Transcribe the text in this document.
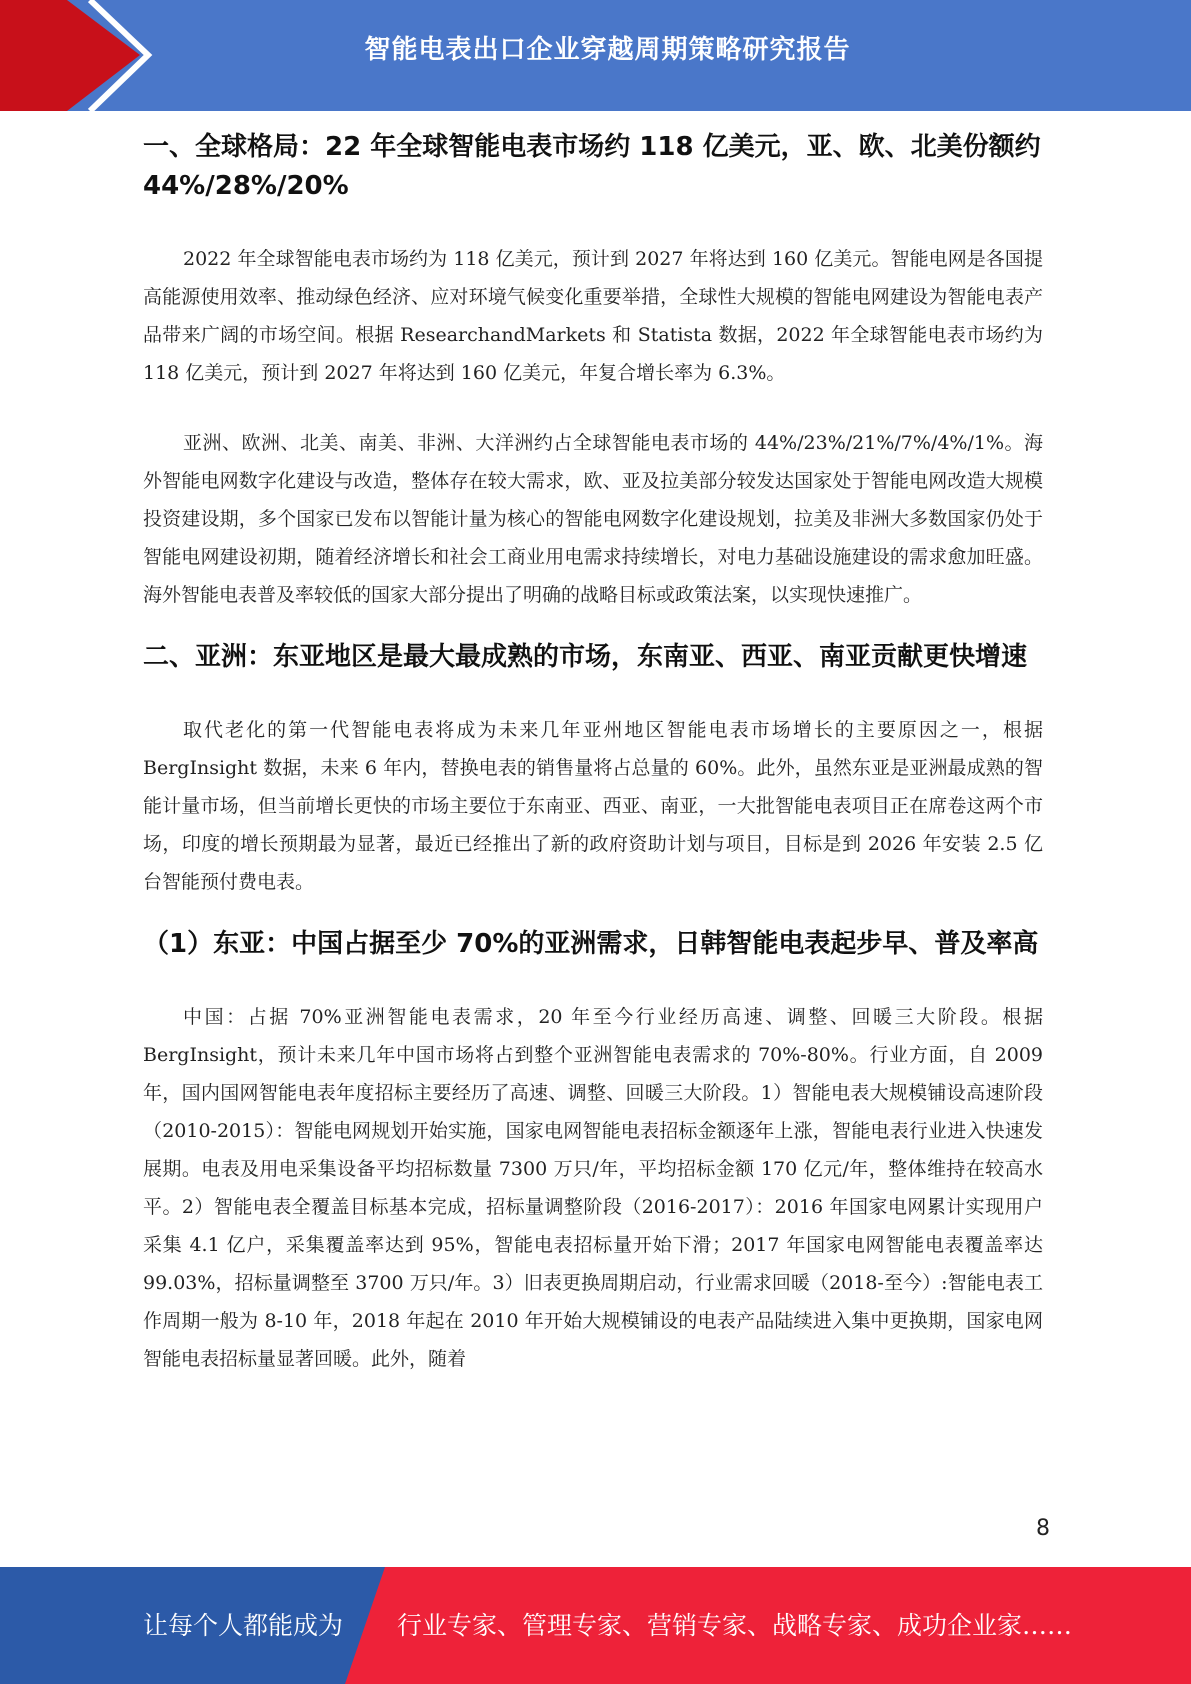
智能电表出口企业穿越周期策略研究报告
一、全球格局：22 年全球智能电表市场约 118 亿美元，亚、欧、北美份额约 44%/28%/20%

2022 年全球智能电表市场约为 118 亿美元，预计到 2027 年将达到 160 亿美元。智能电网是各国提高能源使用效率、推动绿色经济、应对环境气候变化重要举措，全球性大规模的智能电网建设为智能电表产品带来广阔的市场空间。根据 ResearchandMarkets 和 Statista 数据，2022 年全球智能电表市场约为 118 亿美元，预计到 2027 年将达到 160 亿美元，年复合增长率为 6.3%。

亚洲、欧洲、北美、南美、非洲、大洋洲约占全球智能电表市场的 44%/23%/21%/7%/4%/1%。海外智能电网数字化建设与改造，整体存在较大需求，欧、亚及拉美部分较发达国家处于智能电网改造大规模投资建设期，多个国家已发布以智能计量为核心的智能电网数字化建设规划，拉美及非洲大多数国家仍处于智能电网建设初期，随着经济增长和社会工商业用电需求持续增长，对电力基础设施建设的需求愈加旺盛。海外智能电表普及率较低的国家大部分提出了明确的战略目标或政策法案，以实现快速推广。

二、亚洲：东亚地区是最大最成熟的市场，东南亚、西亚、南亚贡献更快增速

取代老化的第一代智能电表将成为未来几年亚州地区智能电表市场增长的主要原因之一，根据 BergInsight 数据，未来 6 年内，替换电表的销售量将占总量的 60%。此外，虽然东亚是亚洲最成熟的智能计量市场，但当前增长更快的市场主要位于东南亚、西亚、南亚，一大批智能电表项目正在席卷这两个市场，印度的增长预期最为显著，最近已经推出了新的政府资助计划与项目，目标是到 2026 年安装 2.5 亿台智能预付费电表。

（1）东亚：中国占据至少 70%的亚洲需求，日韩智能电表起步早、普及率高

中国：占据 70%亚洲智能电表需求，20 年至今行业经历高速、调整、回暖三大阶段。根据 BergInsight，预计未来几年中国市场将占到整个亚洲智能电表需求的 70%-80%。行业方面，自 2009 年，国内国网智能电表年度招标主要经历了高速、调整、回暖三大阶段。1）智能电表大规模铺设高速阶段（2010-2015）：智能电网规划开始实施，国家电网智能电表招标金额逐年上涨，智能电表行业进入快速发展期。电表及用电采集设备平均招标数量 7300 万只/年，平均招标金额 170 亿元/年，整体维持在较高水平。2）智能电表全覆盖目标基本完成，招标量调整阶段（2016-2017）：2016 年国家电网累计实现用户采集 4.1 亿户，采集覆盖率达到 95%，智能电表招标量开始下滑；2017 年国家电网智能电表覆盖率达 99.03%，招标量调整至 3700 万只/年。3）旧表更换周期启动，行业需求回暖（2018-至今）:智能电表工作周期一般为 8-10 年，2018 年起在 2010 年开始大规模铺设的电表产品陆续进入集中更换期，国家电网智能电表招标量显著回暖。此外，随着

8
让每个人都能成为 行业专家、管理专家、营销专家、战略专家、成功企业家……
